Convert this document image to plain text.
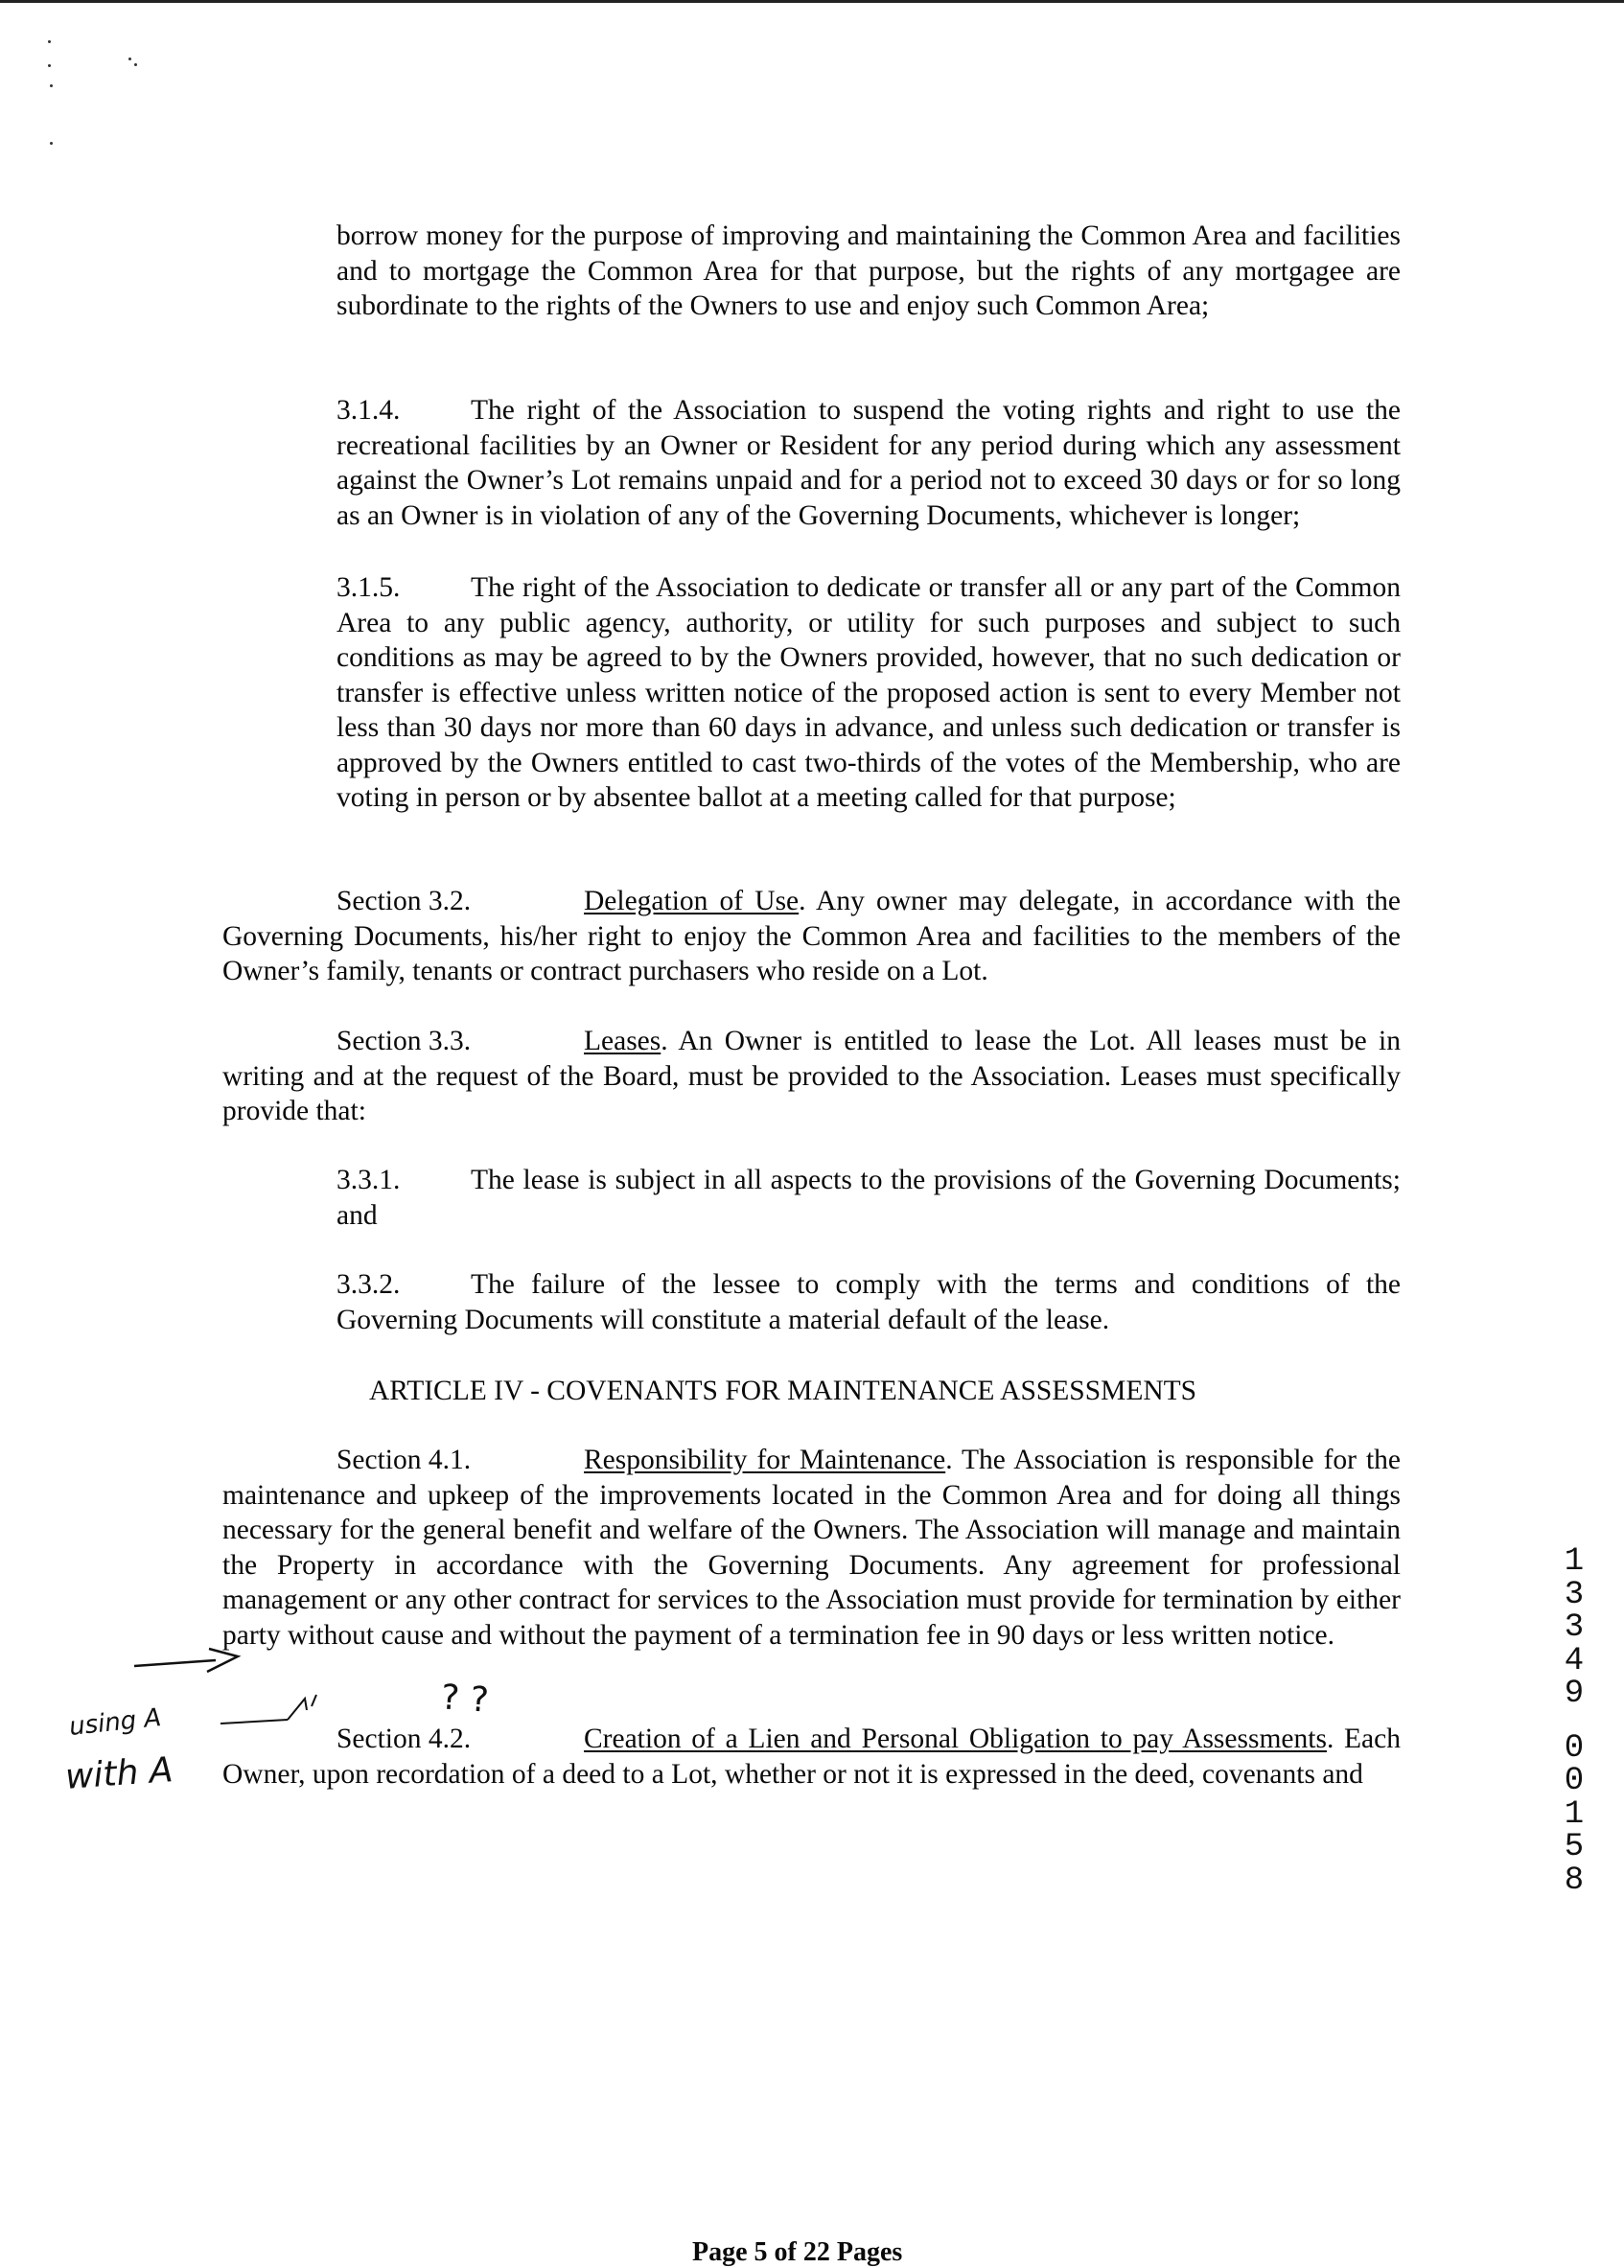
borrow money for the purpose of improving and maintaining the Common Area and facilities and to mortgage the Common Area for that purpose, but the rights of any mortgagee are subordinate to the rights of the Owners to use and enjoy such Common Area;
3.1.4. The right of the Association to suspend the voting rights and right to use the recreational facilities by an Owner or Resident for any period during which any assessment against the Owner’s Lot remains unpaid and for a period not to exceed 30 days or for so long as an Owner is in violation of any of the Governing Documents, whichever is longer;
3.1.5. The right of the Association to dedicate or transfer all or any part of the Common Area to any public agency, authority, or utility for such purposes and subject to such conditions as may be agreed to by the Owners provided, however, that no such dedication or transfer is effective unless written notice of the proposed action is sent to every Member not less than 30 days nor more than 60 days in advance, and unless such dedication or transfer is approved by the Owners entitled to cast two-thirds of the votes of the Membership, who are voting in person or by absentee ballot at a meeting called for that purpose;
Section 3.2.	Delegation of Use. Any owner may delegate, in accordance with the Governing Documents, his/her right to enjoy the Common Area and facilities to the members of the Owner’s family, tenants or contract purchasers who reside on a Lot.
Section 3.3.	Leases. An Owner is entitled to lease the Lot. All leases must be in writing and at the request of the Board, must be provided to the Association. Leases must specifically provide that:
3.3.1. The lease is subject in all aspects to the provisions of the Governing Documents; and
3.3.2. The failure of the lessee to comply with the terms and conditions of the Governing Documents will constitute a material default of the lease.
ARTICLE IV - COVENANTS FOR MAINTENANCE ASSESSMENTS
Section 4.1.	Responsibility for Maintenance. The Association is responsible for the maintenance and upkeep of the improvements located in the Common Area and for doing all things necessary for the general benefit and welfare of the Owners. The Association will manage and maintain the Property in accordance with the Governing Documents. Any agreement for professional management or any other contract for services to the Association must provide for termination by either party without cause and without the payment of a termination fee in 90 days or less written notice.
Section 4.2.	Creation of a Lien and Personal Obligation to pay Assessments. Each Owner, upon recordation of a deed to a Lot, whether or not it is expressed in the deed, covenants and
? ?
using A
with A
Page 5 of 22 Pages
1
3
3
4
9
0
0
1
5
8
